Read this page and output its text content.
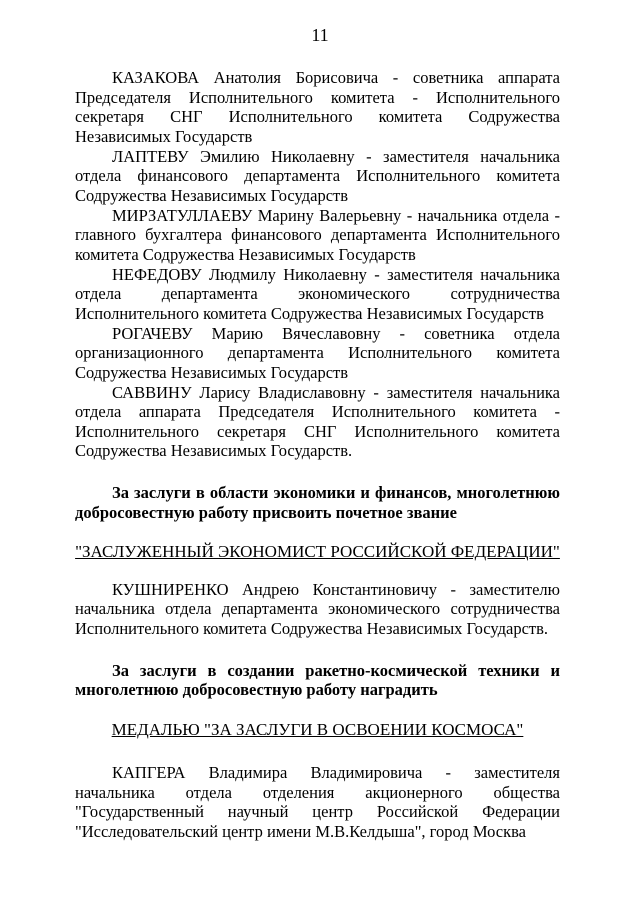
11

КАЗАКОВА Анатолия Борисовича - советника аппарата Председателя Исполнительного комитета - Исполнительного секретаря СНГ Исполнительного комитета Содружества Независимых Государств

ЛАПТЕВУ Эмилию Николаевну - заместителя начальника отдела финансового департамента Исполнительного комитета Содружества Независимых Государств

МИРЗАТУЛЛАЕВУ Марину Валерьевну - начальника отдела - главного бухгалтера финансового департамента Исполнительного комитета Содружества Независимых Государств

НЕФЕДОВУ Людмилу Николаевну - заместителя начальника отдела департамента экономического сотрудничества Исполнительного комитета Содружества Независимых Государств

РОГАЧЕВУ Марию Вячеславовну - советника отдела организационного департамента Исполнительного комитета Содружества Независимых Государств

САВВИНУ Ларису Владиславовну - заместителя начальника отдела аппарата Председателя Исполнительного комитета - Исполнительного секретаря СНГ Исполнительного комитета Содружества Независимых Государств.

За заслуги в области экономики и финансов, многолетнюю добросовестную работу присвоить почетное звание

"ЗАСЛУЖЕННЫЙ ЭКОНОМИСТ РОССИЙСКОЙ ФЕДЕРАЦИИ"

КУШНИРЕНКО Андрею Константиновичу - заместителю начальника отдела департамента экономического сотрудничества Исполнительного комитета Содружества Независимых Государств.

За заслуги в создании ракетно-космической техники и многолетнюю добросовестную работу наградить

МЕДАЛЬЮ "ЗА ЗАСЛУГИ В ОСВОЕНИИ КОСМОСА"

КАПГЕРА Владимира Владимировича - заместителя начальника отдела отделения акционерного общества "Государственный научный центр Российской Федерации "Исследовательский центр имени М.В.Келдыша", город Москва
